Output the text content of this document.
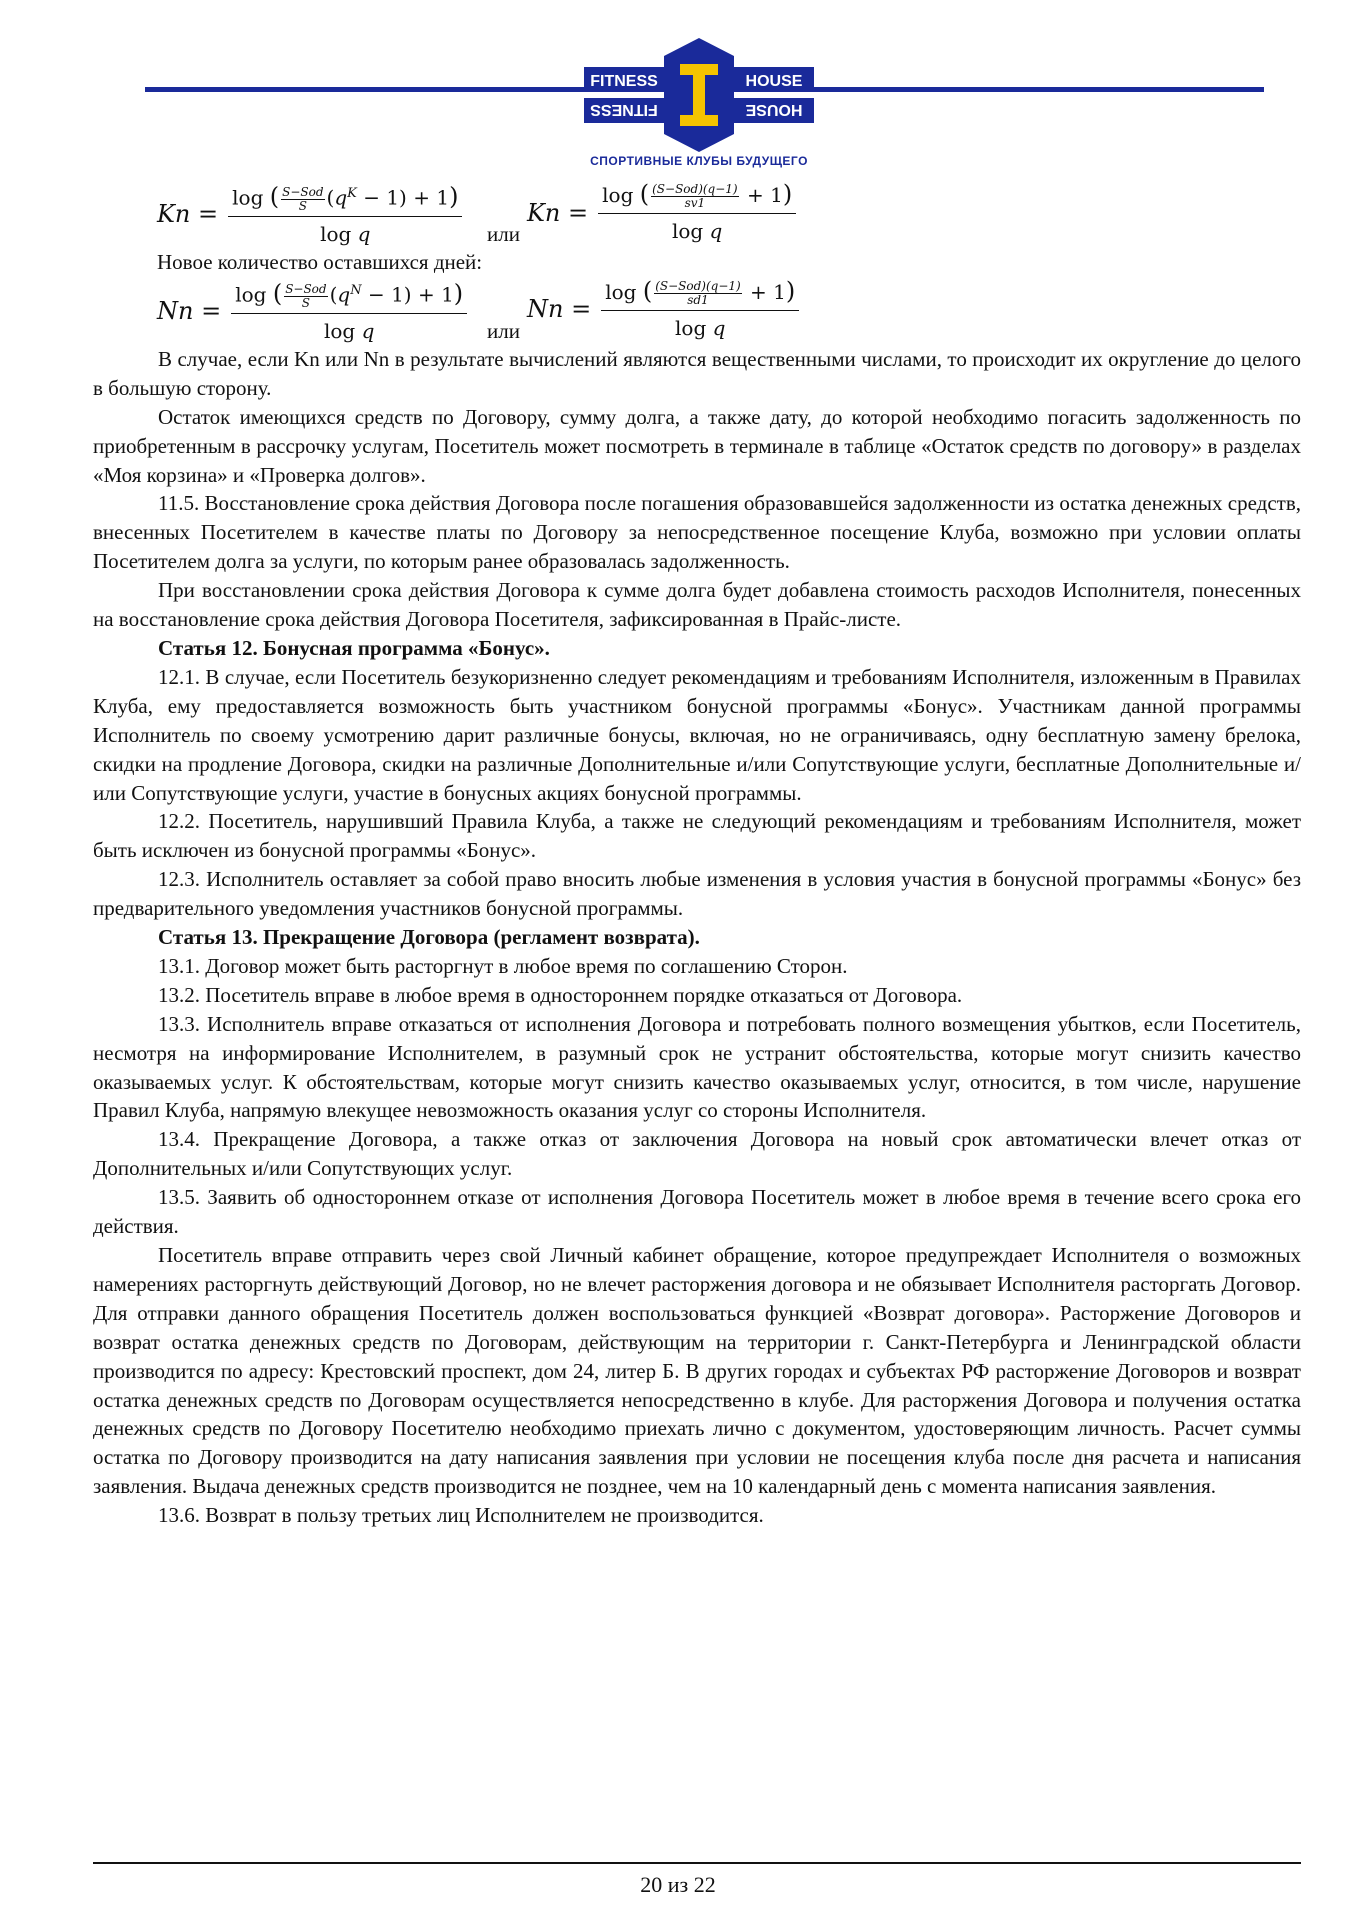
FITNESS	HOUSE
FITNESS	HOUSE
СПОРТИВНЫЕ КЛУБЫ БУДУЩЕГО
$Kn = \frac{\log ( \frac{\text{S−Sod}}{S} (q^K - 1) + 1)}{\text{log q}}$ или
$Kn = \frac{\log ( \frac{\text{(S−Sod)(q−1)}}{sv1} + 1)}{\text{log q}}$

Новое количество оставшихся дней:

$Nn = \frac{\log ( \frac{\text{S−Sod}}{S} (q^N - 1) + 1)}{\text{log q}}$ или
$Nn = \frac{\log ( \frac{\text{(S−Sod)(q−1)}}{sd1} + 1)}{\text{log q}}$

В случае, если Kn или Nn в результате вычислений являются вещественными числами, то происходит их округление до целого в большую сторону.

Остаток имеющихся средств по Договору, сумму долга, а также дату, до которой необходимо погасить задолженность по приобретенным в рассрочку услугам, Посетитель может посмотреть в терминале в таблице «Остаток средств по договору» в разделах «Моя корзина» и «Проверка долгов».

11.5. Восстановление срока действия Договора после погашения образовавшейся задолженности из остатка денежных средств, внесенных Посетителем в качестве платы по Договору за непосредственное посещение Клуба, возможно при условии оплаты Посетителем долга за услуги, по которым ранее образовалась задолженность.

При восстановлении срока действия Договора к сумме долга будет добавлена стоимость расходов Исполнителя, понесенных на восстановление срока действия Договора Посетителя, зафиксированная в Прайс-листе.

Статья 12. Бонусная программа «Бонус».

12.1. В случае, если Посетитель безукоризненно следует рекомендациям и требованиям Исполнителя, изложенным в Правилах Клуба, ему предоставляется возможность быть участником бонусной программы «Бонус». Участникам данной программы Исполнитель по своему усмотрению дарит различные бонусы, включая, но не ограничиваясь, одну бесплатную замену брелока, скидки на продление Договора, скидки на различные Дополнительные и/или Сопутствующие услуги, бесплатные Дополнительные и/или Сопутствующие услуги, участие в бонусных акциях бонусной программы.

12.2. Посетитель, нарушивший Правила Клуба, а также не следующий рекомендациям и требованиям Исполнителя, может быть исключен из бонусной программы «Бонус».

12.3. Исполнитель оставляет за собой право вносить любые изменения в условия участия в бонусной программы «Бонус» без предварительного уведомления участников бонусной программы.

Статья 13. Прекращение Договора (регламент возврата).

13.1. Договор может быть расторгнут в любое время по соглашению Сторон.

13.2. Посетитель вправе в любое время в одностороннем порядке отказаться от Договора.

13.3. Исполнитель вправе отказаться от исполнения Договора и потребовать полного возмещения убытков, если Посетитель, несмотря на информирование Исполнителем, в разумный срок не устранит обстоятельства, которые могут снизить качество оказываемых услуг. К обстоятельствам, которые могут снизить качество оказываемых услуг, относится, в том числе, нарушение Правил Клуба, напрямую влекущее невозможность оказания услуг со стороны Исполнителя.

13.4. Прекращение Договора, а также отказ от заключения Договора на новый срок автоматически влечет отказ от Дополнительных и/или Сопутствующих услуг.

13.5. Заявить об одностороннем отказе от исполнения Договора Посетитель может в любое время в течение всего срока его действия.

Посетитель вправе отправить через свой Личный кабинет обращение, которое предупреждает Исполнителя о возможных намерениях расторгнуть действующий Договор, но не влечет расторжения договора и не обязывает Исполнителя расторгать Договор. Для отправки данного обращения Посетитель должен воспользоваться функцией «Возврат договора». Расторжение Договоров и возврат остатка денежных средств по Договорам, действующим на территории г. Санкт-Петербурга и Ленинградской области производится по адресу: Крестовский проспект, дом 24, литер Б. В других городах и субъектах РФ расторжение Договоров и возврат остатка денежных средств по Договорам осуществляется непосредственно в клубе. Для расторжения Договора и получения остатка денежных средств по Договору Посетителю необходимо приехать лично с документом, удостоверяющим личность. Расчет суммы остатка по Договору производится на дату написания заявления при условии не посещения клуба после дня расчета и написания заявления. Выдача денежных средств производится не позднее, чем на 10 календарный день с момента написания заявления.

13.6. Возврат в пользу третьих лиц Исполнителем не производится.

20 из 22
